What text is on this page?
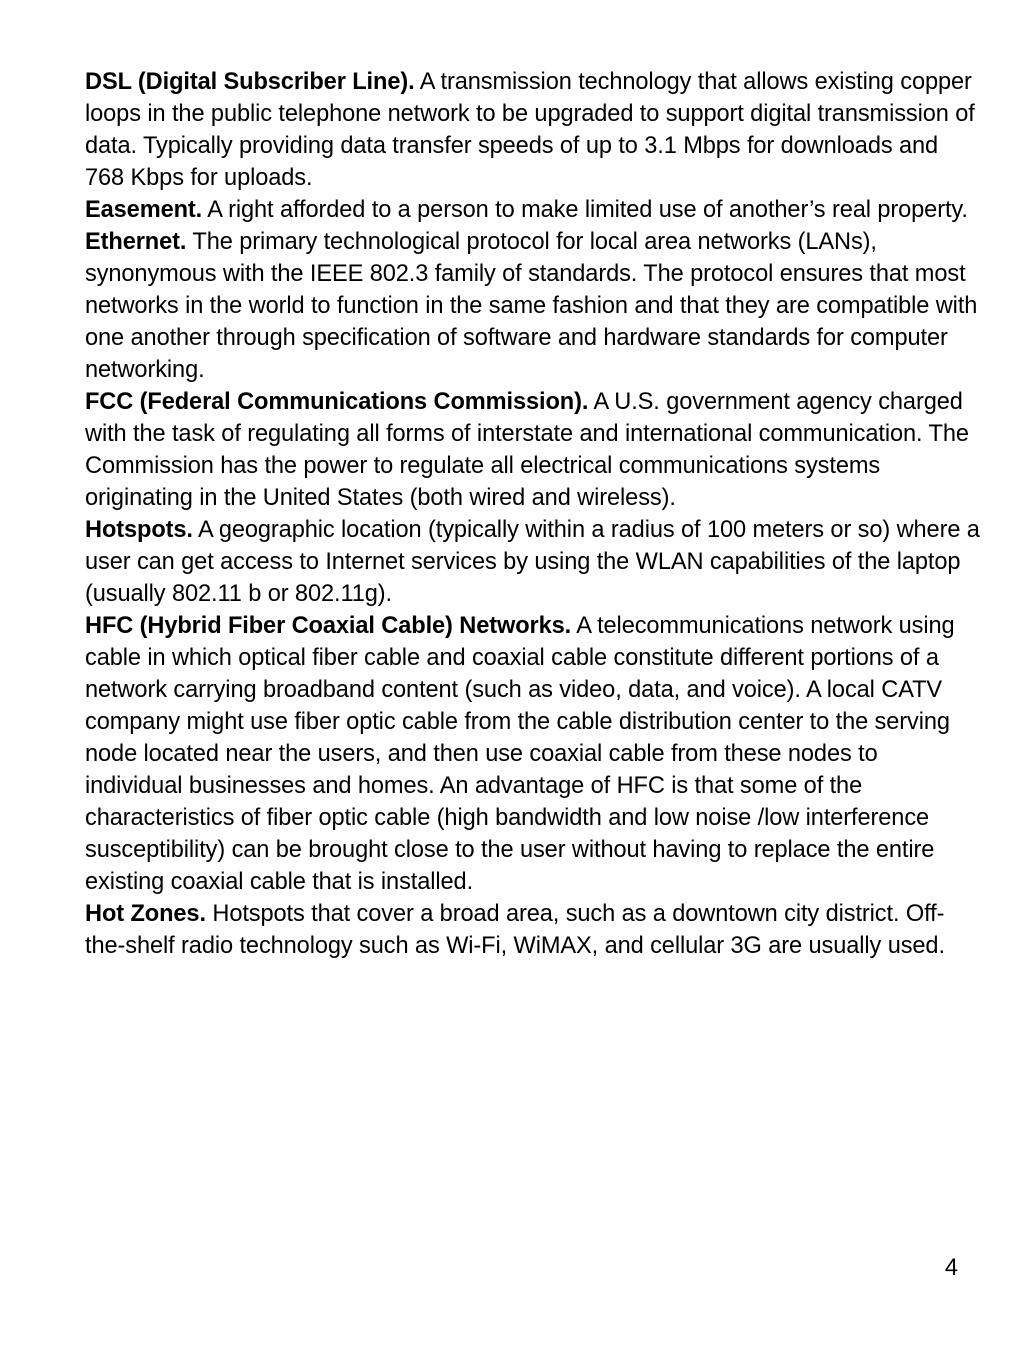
DSL (Digital Subscriber Line). A transmission technology that allows existing copper loops in the public telephone network to be upgraded to support digital transmission of data. Typically providing data transfer speeds of up to 3.1 Mbps for downloads and 768 Kbps for uploads.

Easement. A right afforded to a person to make limited use of another’s real property.

Ethernet. The primary technological protocol for local area networks (LANs), synonymous with the IEEE 802.3 family of standards. The protocol ensures that most networks in the world to function in the same fashion and that they are compatible with one another through specification of software and hardware standards for computer networking.

FCC (Federal Communications Commission). A U.S. government agency charged with the task of regulating all forms of interstate and international communication. The Commission has the power to regulate all electrical communications systems originating in the United States (both wired and wireless).

Hotspots. A geographic location (typically within a radius of 100 meters or so) where a user can get access to Internet services by using the WLAN capabilities of the laptop (usually 802.11 b or 802.11g).

HFC (Hybrid Fiber Coaxial Cable) Networks. A telecommunications network using cable in which optical fiber cable and coaxial cable constitute different portions of a network carrying broadband content (such as video, data, and voice). A local CATV company might use fiber optic cable from the cable distribution center to the serving node located near the users, and then use coaxial cable from these nodes to individual businesses and homes. An advantage of HFC is that some of the characteristics of fiber optic cable (high bandwidth and low noise /low interference susceptibility) can be brought close to the user without having to replace the entire existing coaxial cable that is installed.

Hot Zones. Hotspots that cover a broad area, such as a downtown city district. Off-the-shelf radio technology such as Wi-Fi, WiMAX, and cellular 3G are usually used.

4
